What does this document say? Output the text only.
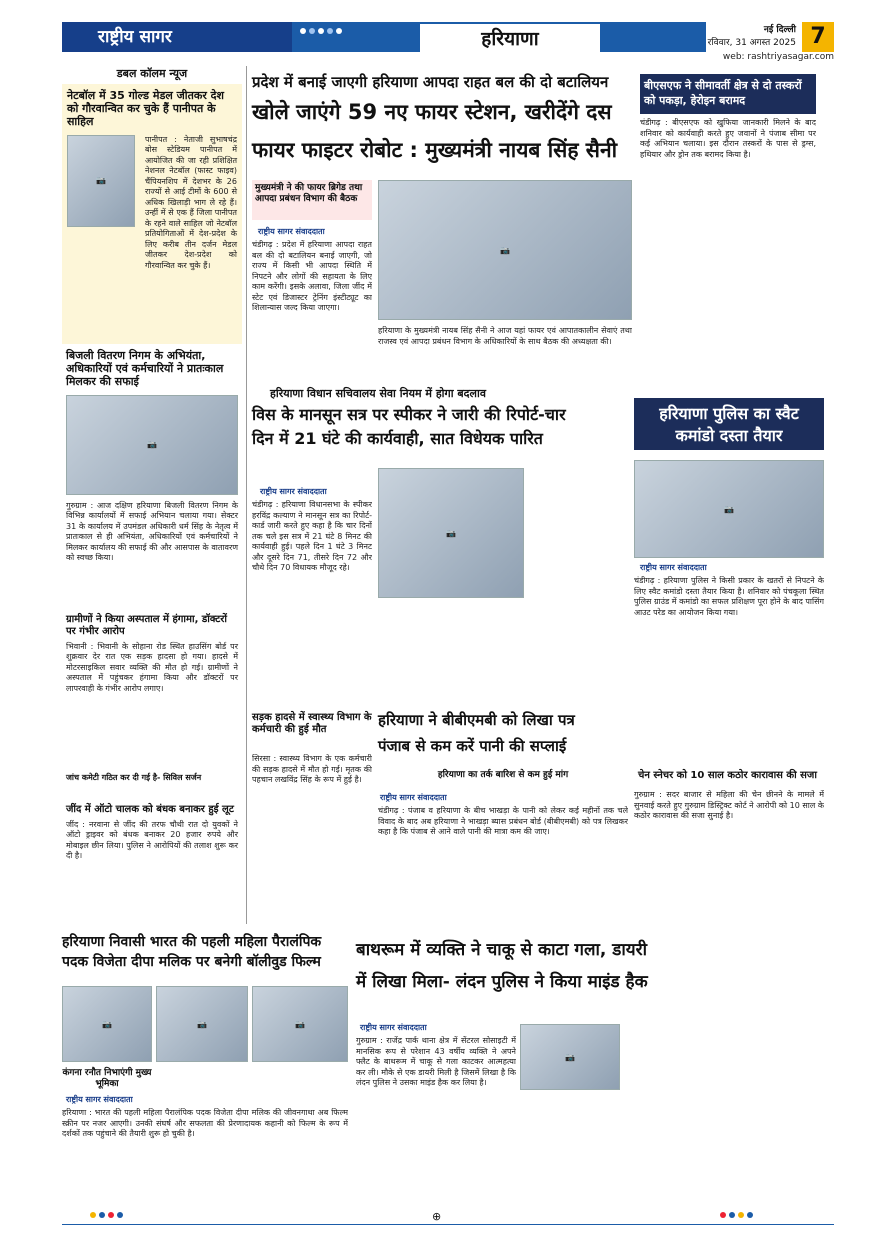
राष्ट्रीय सागर	हरियाणा	नई दिल्ली
रविवार, 31 अगस्त 2025 7
web: rashtriyasagar.com
डबल कॉलम न्यूज
नेटबॉल में 35 गोल्ड मेडल जीतकर देश को गौरवान्वित कर चुके हैं पानीपत के साहिल
📷
पानीपत : नेताजी सुभाषचंद्र बोस स्टेडियम पानीपत में आयोजित की जा रही प्रशिक्षित नेशनल नेटबॉल (फास्ट फाइव) चैंपियनशिप में देशभर के 26 राज्यों से आई टीमों के 600 से अधिक खिलाड़ी भाग ले रहे हैं। उन्हीं में से एक हैं जिला पानीपत के रहने वाले साहिल जो नेटबॉल प्रतियोगिताओं में देश-प्रदेश के लिए करीब तीन दर्जन मेडल जीतकर देश-प्रदेश को गौरवान्वित कर चुके हैं।
बिजली वितरण निगम के अभियंता, अधिकारियों एवं कर्मचारियों ने प्रातःकाल मिलकर की सफाई
📷
गुरुग्राम : आज दक्षिण हरियाणा बिजली वितरण निगम के विभिन्न कार्यालयों में सफाई अभियान चलाया गया। सेक्टर 31 के कार्यालय में उपमंडल अधिकारी धर्म सिंह के नेतृत्व में प्रातःकाल से ही अभियंता, अधिकारियों एवं कर्मचारियों ने मिलकर कार्यालय की सफाई की और आसपास के वातावरण को स्वच्छ किया।
ग्रामीणों ने किया अस्पताल में हंगामा, डॉक्टरों पर गंभीर आरोप
भिवानी : भिवानी के सोहाना रोड स्थित हाउसिंग बोर्ड पर शुक्रवार देर रात एक सड़क हादसा हो गया। हादसे में मोटरसाइकिल सवार व्यक्ति की मौत हो गई। ग्रामीणों ने अस्पताल में पहुंचकर हंगामा किया और डॉक्टरों पर लापरवाही के गंभीर आरोप लगाए।
जांच कमेटी गठित कर दी गई है- सिविल सर्जन
जींद में ऑटो चालक को बंधक बनाकर हुई लूट
जींद : नरवाना से जींद की तरफ चौथी रात दो युवकों ने ऑटो ड्राइवर को बंधक बनाकर 20 हजार रुपये और मोबाइल छीन लिया। पुलिस ने आरोपियों की तलाश शुरू कर दी है।
प्रदेश में बनाई जाएगी हरियाणा आपदा राहत बल की दो बटालियन
खोले जाएंगे 59 नए फायर स्टेशन, खरीदेंगे दस
फायर फाइटर रोबोट : मुख्यमंत्री नायब सिंह सैनी
मुख्यमंत्री ने की फायर ब्रिगेड तथा आपदा प्रबंधन विभाग की बैठक
राष्ट्रीय सागर संवाददाता
चंडीगढ़ : प्रदेश में हरियाणा आपदा राहत बल की दो बटालियन बनाई जाएगी, जो राज्य में किसी भी आपदा स्थिति में निपटने और लोगों की सहायता के लिए काम करेंगी। इसके अलावा, जिला जींद में स्टेट एवं डिजास्टर ट्रेनिंग इंस्टीट्यूट का शिलान्यास जल्द किया जाएगा।
📷
हरियाणा के मुख्यमंत्री नायब सिंह सैनी ने आज यहां फायर एवं आपातकालीन सेवाएं तथा राजस्व एवं आपदा प्रबंधन विभाग के अधिकारियों के साथ बैठक की अध्यक्षता की।
बीएसएफ ने सीमावर्ती क्षेत्र से दो तस्करों को पकड़ा, हेरोइन बरामद
चंडीगढ़ : बीएसएफ को खुफिया जानकारी मिलने के बाद शनिवार को कार्यवाही करते हुए जवानों ने पंजाब सीमा पर कई अभियान चलाया। इस दौरान तस्करों के पास से ड्रग्स, हथियार और ड्रोन तक बरामद किया है।
हरियाणा विधान सचिवालय सेवा नियम में होगा बदलाव
विस के मानसून सत्र पर स्पीकर ने जारी की रिपोर्ट-चार
दिन में 21 घंटे की कार्यवाही, सात विधेयक पारित
राष्ट्रीय सागर संवाददाता
चंडीगढ़ : हरियाणा विधानसभा के स्पीकर हरविंद्र कल्याण ने मानसून सत्र का रिपोर्ट-कार्ड जारी करते हुए कहा है कि चार दिनों तक चले इस सत्र में 21 घंटे 8 मिनट की कार्यवाही हुई। पहले दिन 1 घंटे 3 मिनट और दूसरे दिन 71, तीसरे दिन 72 और चौथे दिन 70 विधायक मौजूद रहे।
📷
हरियाणा पुलिस का स्वैट
कमांडो दस्ता तैयार
📷
राष्ट्रीय सागर संवाददाता
चंडीगढ़ : हरियाणा पुलिस ने किसी प्रकार के खतरों से निपटने के लिए स्वैट कमांडो दस्ता तैयार किया है। शनिवार को पंचकूला स्थित पुलिस ग्राउंड में कमांडो का सफल प्रशिक्षण पूरा होने के बाद पासिंग आउट परेड का आयोजन किया गया।
सड़क हादसे में स्वास्थ्य विभाग के कर्मचारी की हुई मौत
सिरसा : स्वास्थ्य विभाग के एक कर्मचारी की सड़क हादसे में मौत हो गई। मृतक की पहचान लखविंद्र सिंह के रूप में हुई है।
हरियाणा ने बीबीएमबी को लिखा पत्र
पंजाब से कम करें पानी की सप्लाई
हरियाणा का तर्क बारिश से कम हुई मांग
राष्ट्रीय सागर संवाददाता
चंडीगढ़ : पंजाब व हरियाणा के बीच भाखड़ा के पानी को लेकर कई महीनों तक चले विवाद के बाद अब हरियाणा ने भाखड़ा ब्यास प्रबंधन बोर्ड (बीबीएमबी) को पत्र लिखकर कहा है कि पंजाब से आने वाले पानी की मात्रा कम की जाए।
चेन स्नेचर को 10 साल कठोर कारावास की सजा
गुरुग्राम : सदर बाजार से महिला की चेन छीनने के मामले में सुनवाई करते हुए गुरुग्राम डिस्ट्रिक्ट कोर्ट ने आरोपी को 10 साल के कठोर कारावास की सजा सुनाई है।
हरियाणा निवासी भारत की पहली महिला पैरालंपिक
पदक विजेता दीपा मलिक पर बनेगी बॉलीवुड फिल्म
📷	📷	📷
कंगना रनौत निभाएंगी मुख्य भूमिका
राष्ट्रीय सागर संवाददाता
हरियाणा : भारत की पहली महिला पैरालंपिक पदक विजेता दीपा मलिक की जीवनगाथा अब फिल्म स्क्रीन पर नजर आएगी। उनकी संघर्ष और सफलता की प्रेरणादायक कहानी को फिल्म के रूप में दर्शकों तक पहुंचाने की तैयारी शुरू हो चुकी है।
बाथरूम में व्यक्ति ने चाकू से काटा गला, डायरी
में लिखा मिला- लंदन पुलिस ने किया माइंड हैक
राष्ट्रीय सागर संवाददाता
गुरुग्राम : राजेंद्र पार्क थाना क्षेत्र में सेंटरल सोसाइटी में मानसिक रूप से परेशान 43 वर्षीय व्यक्ति ने अपने फ्लैट के बाथरूम में चाकू से गला काटकर आत्महत्या कर ली। मौके से एक डायरी मिली है जिसमें लिखा है कि लंदन पुलिस ने उसका माइंड हैक कर लिया है।
📷
⊕
